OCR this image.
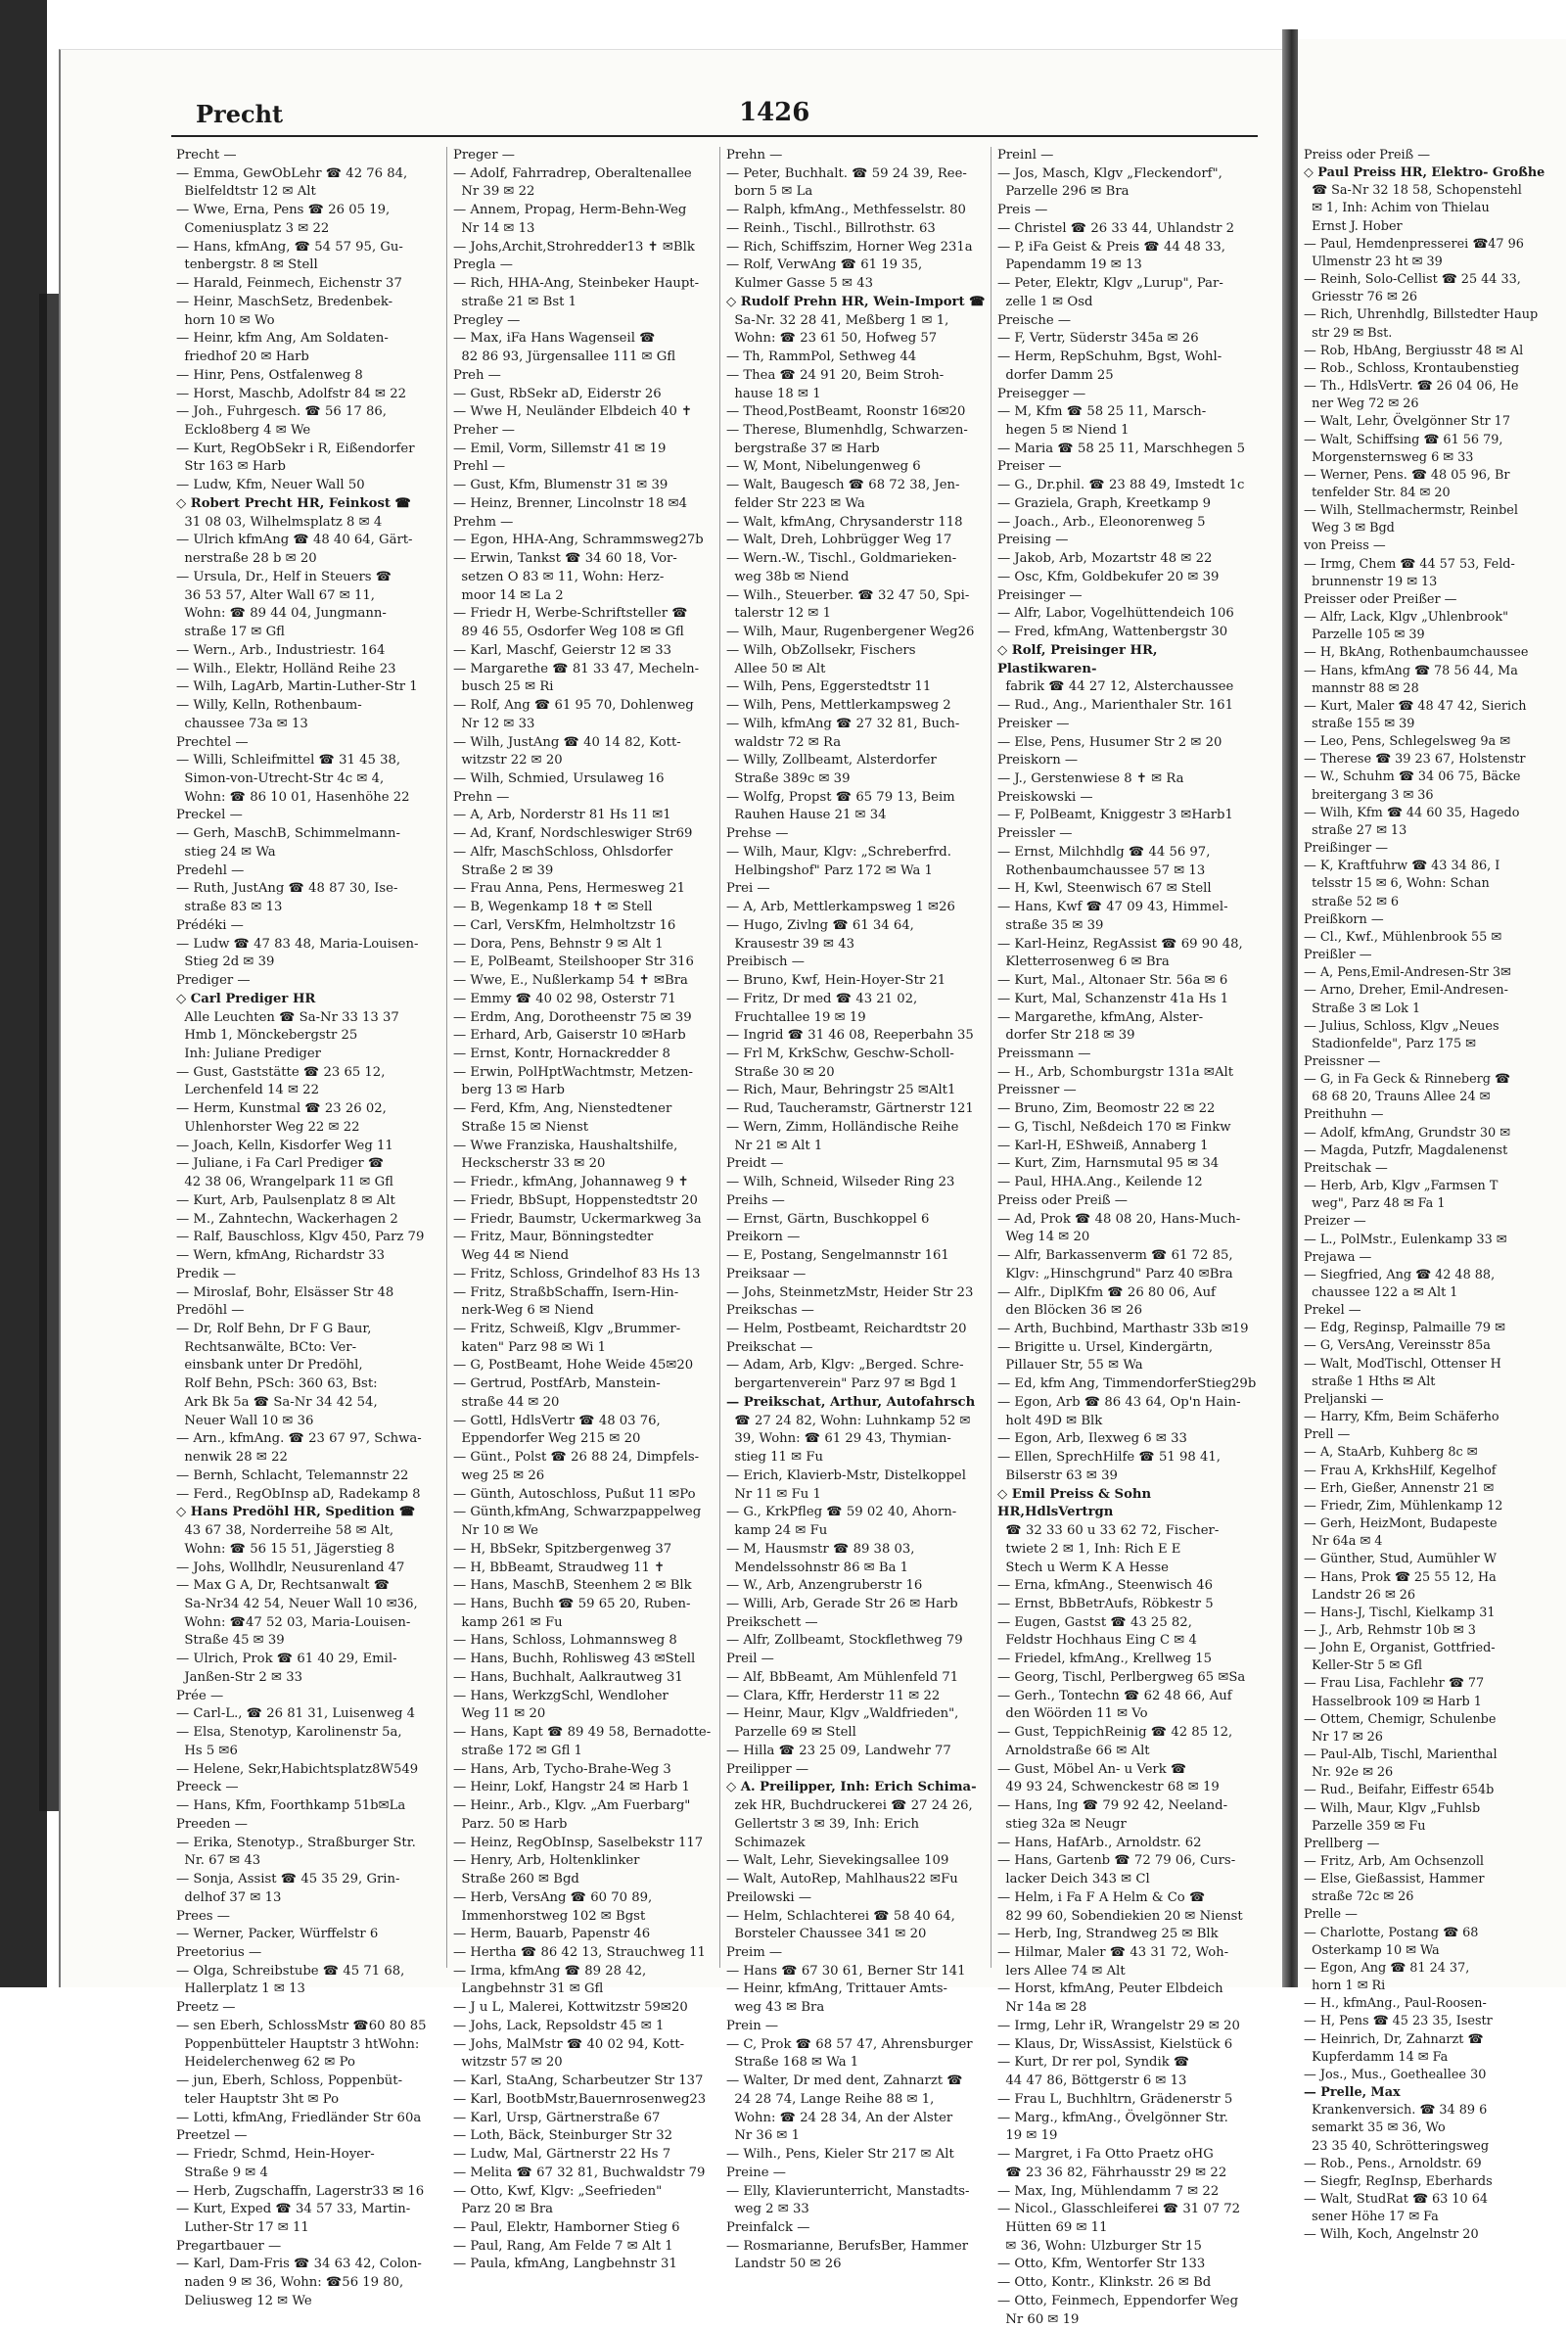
Precht	1426
Precht —
— Emma, GewObLehr ☎ 42 76 84,
Bielfeldtstr 12 ✉ Alt
— Wwe, Erna, Pens ☎ 26 05 19,
Comeniusplatz 3 ✉ 22
— Hans, kfmAng, ☎ 54 57 95, Gu-
tenbergstr. 8 ✉ Stell
— Harald, Feinmech, Eichenstr 37
— Heinr, MaschSetz, Bredenbek-
horn 10 ✉ Wo
— Heinr, kfm Ang, Am Soldaten-
friedhof 20 ✉ Harb
— Hinr, Pens, Ostfalenweg 8
— Horst, Maschb, Adolfstr 84 ✉ 22
— Joh., Fuhrgesch. ☎ 56 17 86,
Ecklo8berg 4 ✉ We
— Kurt, RegObSekr i R, Eißendorfer
Str 163 ✉ Harb
— Ludw, Kfm, Neuer Wall 50
◇ Robert Precht HR, Feinkost ☎
31 08 03, Wilhelmsplatz 8 ✉ 4
— Ulrich kfmAng ☎ 48 40 64, Gärt-
nerstraße 28 b ✉ 20
— Ursula, Dr., Helf in Steuers ☎
36 53 57, Alter Wall 67 ✉ 11,
Wohn: ☎ 89 44 04, Jungmann-
straße 17 ✉ Gfl
— Wern., Arb., Industriestr. 164
— Wilh., Elektr, Holländ Reihe 23
— Wilh, LagArb, Martin-Luther-Str 1
— Willy, Kelln, Rothenbaum-
chaussee 73a ✉ 13
Prechtel —
— Willi, Schleifmittel ☎ 31 45 38,
Simon-von-Utrecht-Str 4c ✉ 4,
Wohn: ☎ 86 10 01, Hasenhöhe 22
Preckel —
— Gerh, MaschB, Schimmelmann-
stieg 24 ✉ Wa
Predehl —
— Ruth, JustAng ☎ 48 87 30, Ise-
straße 83 ✉ 13
Prédéki —
— Ludw ☎ 47 83 48, Maria-Louisen-
Stieg 2d ✉ 39
Prediger —
◇ Carl Prediger HR
Alle Leuchten ☎ Sa-Nr 33 13 37
Hmb 1, Mönckebergstr 25
Inh: Juliane Prediger
— Gust, Gaststätte ☎ 23 65 12,
Lerchenfeld 14 ✉ 22
— Herm, Kunstmal ☎ 23 26 02,
Uhlenhorster Weg 22 ✉ 22
— Joach, Kelln, Kisdorfer Weg 11
— Juliane, i Fa Carl Prediger ☎
42 38 06, Wrangelpark 11 ✉ Gfl
— Kurt, Arb, Paulsenplatz 8 ✉ Alt
— M., Zahntechn, Wackerhagen 2
— Ralf, Bauschloss, Klgv 450, Parz 79
— Wern, kfmAng, Richardstr 33
Predik —
— Miroslaf, Bohr, Elsässer Str 48
Predöhl —
— Dr, Rolf Behn, Dr F G Baur,
Rechtsanwälte, BCto: Ver-
einsbank unter Dr Predöhl,
Rolf Behn, PSch: 360 63, Bst:
Ark Bk 5a ☎ Sa-Nr 34 42 54,
Neuer Wall 10 ✉ 36
— Arn., kfmAng. ☎ 23 67 97, Schwa-
nenwik 28 ✉ 22
— Bernh, Schlacht, Telemannstr 22
— Ferd., RegObInsp aD, Radekamp 8
◇ Hans Predöhl HR, Spedition ☎
43 67 38, Norderreihe 58 ✉ Alt,
Wohn: ☎ 56 15 51, Jägerstieg 8
— Johs, Wollhdlr, Neusurenland 47
— Max G A, Dr, Rechtsanwalt ☎
Sa-Nr34 42 54, Neuer Wall 10 ✉36,
Wohn: ☎47 52 03, Maria-Louisen-
Straße 45 ✉ 39
— Ulrich, Prok ☎ 61 40 29, Emil-
Janßen-Str 2 ✉ 33
Prée —
— Carl-L., ☎ 26 81 31, Luisenweg 4
— Elsa, Stenotyp, Karolinenstr 5a,
Hs 5 ✉6
— Helene, Sekr,Habichtsplatz8W549
Preeck —
— Hans, Kfm, Foorthkamp 51b✉La
Preeden —
— Erika, Stenotyp., Straßburger Str.
Nr. 67 ✉ 43
— Sonja, Assist ☎ 45 35 29, Grin-
delhof 37 ✉ 13
Prees —
— Werner, Packer, Würffelstr 6
Preetorius —
— Olga, Schreibstube ☎ 45 71 68,
Hallerplatz 1 ✉ 13
Preetz —
— sen Eberh, SchlossMstr ☎60 80 85
Poppenbütteler Hauptstr 3 htWohn:
Heidelerchenweg 62 ✉ Po
— jun, Eberh, Schloss, Poppenbüt-
teler Hauptstr 3ht ✉ Po
— Lotti, kfmAng, Friedländer Str 60a
Preetzel —
— Friedr, Schmd, Hein-Hoyer-
Straße 9 ✉ 4
— Herb, Zugschaffn, Lagerstr33 ✉ 16
— Kurt, Exped ☎ 34 57 33, Martin-
Luther-Str 17 ✉ 11
Pregartbauer —
— Karl, Dam-Fris ☎ 34 63 42, Colon-
naden 9 ✉ 36, Wohn: ☎56 19 80,
Deliusweg 12 ✉ We
Preger —
— Adolf, Fahrradrep, Oberaltenallee
Nr 39 ✉ 22
— Annem, Propag, Herm-Behn-Weg
Nr 14 ✉ 13
— Johs,Archit,Strohredder13 ✝ ✉Blk
Pregla —
— Rich, HHA-Ang, Steinbeker Haupt-
straße 21 ✉ Bst 1
Pregley —
— Max, iFa Hans Wagenseil ☎
82 86 93, Jürgensallee 111 ✉ Gfl
Preh —
— Gust, RbSekr aD, Eiderstr 26
— Wwe H, Neuländer Elbdeich 40 ✝
Preher —
— Emil, Vorm, Sillemstr 41 ✉ 19
Prehl —
— Gust, Kfm, Blumenstr 31 ✉ 39
— Heinz, Brenner, Lincolnstr 18 ✉4
Prehm —
— Egon, HHA-Ang, Schrammsweg27b
— Erwin, Tankst ☎ 34 60 18, Vor-
setzen O 83 ✉ 11, Wohn: Herz-
moor 14 ✉ La 2
— Friedr H, Werbe-Schriftsteller ☎
89 46 55, Osdorfer Weg 108 ✉ Gfl
— Karl, Maschf, Geierstr 12 ✉ 33
— Margarethe ☎ 81 33 47, Mecheln-
busch 25 ✉ Ri
— Rolf, Ang ☎ 61 95 70, Dohlenweg
Nr 12 ✉ 33
— Wilh, JustAng ☎ 40 14 82, Kott-
witzstr 22 ✉ 20
— Wilh, Schmied, Ursulaweg 16
Prehn —
— A, Arb, Norderstr 81 Hs 11 ✉1
— Ad, Kranf, Nordschleswiger Str69
— Alfr, MaschSchloss, Ohlsdorfer
Straße 2 ✉ 39
— Frau Anna, Pens, Hermesweg 21
— B, Wegenkamp 18 ✝ ✉ Stell
— Carl, VersKfm, Helmholtzstr 16
— Dora, Pens, Behnstr 9 ✉ Alt 1
— E, PolBeamt, Steilshooper Str 316
— Wwe, E., Nußlerkamp 54 ✝ ✉Bra
— Emmy ☎ 40 02 98, Osterstr 71
— Erdm, Ang, Dorotheenstr 75 ✉ 39
— Erhard, Arb, Gaiserstr 10 ✉Harb
— Ernst, Kontr, Hornackredder 8
— Erwin, PolHptWachtmstr, Metzen-
berg 13 ✉ Harb
— Ferd, Kfm, Ang, Nienstedtener
Straße 15 ✉ Nienst
— Wwe Franziska, Haushaltshilfe,
Heckscherstr 33 ✉ 20
— Friedr., kfmAng, Johannaweg 9 ✝
— Friedr, BbSupt, Hoppenstedtstr 20
— Friedr, Baumstr, Uckermarkweg 3a
— Fritz, Maur, Bönningstedter
Weg 44 ✉ Niend
— Fritz, Schloss, Grindelhof 83 Hs 13
— Fritz, StraßbSchaffn, Isern-Hin-
nerk-Weg 6 ✉ Niend
— Fritz, Schweiß, Klgv „Brummer-
katen" Parz 98 ✉ Wi 1
— G, PostBeamt, Hohe Weide 45✉20
— Gertrud, PostfArb, Manstein-
straße 44 ✉ 20
— Gottl, HdlsVertr ☎ 48 03 76,
Eppendorfer Weg 215 ✉ 20
— Günt., Polst ☎ 26 88 24, Dimpfels-
weg 25 ✉ 26
— Günth, Autoschloss, Pußut 11 ✉Po
— Günth,kfmAng, Schwarzpappelweg
Nr 10 ✉ We
— H, BbSekr, Spitzbergenweg 37
— H, BbBeamt, Straudweg 11 ✝
— Hans, MaschB, Steenhem 2 ✉ Blk
— Hans, Buchh ☎ 59 65 20, Ruben-
kamp 261 ✉ Fu
— Hans, Schloss, Lohmannsweg 8
— Hans, Buchh, Rohlisweg 43 ✉Stell
— Hans, Buchhalt, Aalkrautweg 31
— Hans, WerkzgSchl, Wendloher
Weg 11 ✉ 20
— Hans, Kapt ☎ 89 49 58, Bernadotte-
straße 172 ✉ Gfl 1
— Hans, Arb, Tycho-Brahe-Weg 3
— Heinr, Lokf, Hangstr 24 ✉ Harb 1
— Heinr., Arb., Klgv. „Am Fuerbarg"
Parz. 50 ✉ Harb
— Heinz, RegObInsp, Saselbekstr 117
— Henry, Arb, Holtenklinker
Straße 260 ✉ Bgd
— Herb, VersAng ☎ 60 70 89,
Immenhorstweg 102 ✉ Bgst
— Herm, Bauarb, Papenstr 46
— Hertha ☎ 86 42 13, Strauchweg 11
— Irma, kfmAng ☎ 89 28 42,
Langbehnstr 31 ✉ Gfl
— J u L, Malerei, Kottwitzstr 59✉20
— Johs, Lack, Repsoldstr 45 ✉ 1
— Johs, MalMstr ☎ 40 02 94, Kott-
witzstr 57 ✉ 20
— Karl, StaAng, Scharbeutzer Str 137
— Karl, BootbMstr,Bauernrosenweg23
— Karl, Ursp, Gärtnerstraße 67
— Loth, Bäck, Steinburger Str 32
— Ludw, Mal, Gärtnerstr 22 Hs 7
— Melita ☎ 67 32 81, Buchwaldstr 79
— Otto, Kwf, Klgv: „Seefrieden"
Parz 20 ✉ Bra
— Paul, Elektr, Hamborner Stieg 6
— Paul, Rang, Am Felde 7 ✉ Alt 1
— Paula, kfmAng, Langbehnstr 31
Prehn —
— Peter, Buchhalt. ☎ 59 24 39, Ree-
born 5 ✉ La
— Ralph, kfmAng., Methfesselstr. 80
— Reinh., Tischl., Billrothstr. 63
— Rich, Schiffszim, Horner Weg 231a
— Rolf, VerwAng ☎ 61 19 35,
Kulmer Gasse 5 ✉ 43
◇ Rudolf Prehn HR, Wein-Import ☎
Sa-Nr. 32 28 41, Meßberg 1 ✉ 1,
Wohn: ☎ 23 61 50, Hofweg 57
— Th, RammPol, Sethweg 44
— Thea ☎ 24 91 20, Beim Stroh-
hause 18 ✉ 1
— Theod,PostBeamt, Roonstr 16✉20
— Therese, Blumenhdlg, Schwarzen-
bergstraße 37 ✉ Harb
— W, Mont, Nibelungenweg 6
— Walt, Baugesch ☎ 68 72 38, Jen-
felder Str 223 ✉ Wa
— Walt, kfmAng, Chrysanderstr 118
— Walt, Dreh, Lohbrügger Weg 17
— Wern.-W., Tischl., Goldmarieken-
weg 38b ✉ Niend
— Wilh., Steuerber. ☎ 32 47 50, Spi-
talerstr 12 ✉ 1
— Wilh, Maur, Rugenbergener Weg26
— Wilh, ObZollsekr, Fischers
Allee 50 ✉ Alt
— Wilh, Pens, Eggerstedtstr 11
— Wilh, Pens, Mettlerkampsweg 2
— Wilh, kfmAng ☎ 27 32 81, Buch-
waldstr 72 ✉ Ra
— Willy, Zollbeamt, Alsterdorfer
Straße 389c ✉ 39
— Wolfg, Propst ☎ 65 79 13, Beim
Rauhen Hause 21 ✉ 34
Prehse —
— Wilh, Maur, Klgv: „Schreberfrd.
Helbingshof" Parz 172 ✉ Wa 1
Prei —
— A, Arb, Mettlerkampsweg 1 ✉26
— Hugo, Zivlng ☎ 61 34 64,
Krausestr 39 ✉ 43
Preibisch —
— Bruno, Kwf, Hein-Hoyer-Str 21
— Fritz, Dr med ☎ 43 21 02,
Fruchtallee 19 ✉ 19
— Ingrid ☎ 31 46 08, Reeperbahn 35
— Frl M, KrkSchw, Geschw-Scholl-
Straße 30 ✉ 20
— Rich, Maur, Behringstr 25 ✉Alt1
— Rud, Taucheramstr, Gärtnerstr 121
— Wern, Zimm, Holländische Reihe
Nr 21 ✉ Alt 1
Preidt —
— Wilh, Schneid, Wilseder Ring 23
Preihs —
— Ernst, Gärtn, Buschkoppel 6
Preikorn —
— E, Postang, Sengelmannstr 161
Preiksaar —
— Johs, SteinmetzMstr, Heider Str 23
Preikschas —
— Helm, Postbeamt, Reichardtstr 20
Preikschat —
— Adam, Arb, Klgv: „Berged. Schre-
bergartenverein" Parz 97 ✉ Bgd 1
— Preikschat, Arthur, Autofahrsch
☎ 27 24 82, Wohn: Luhnkamp 52 ✉
39, Wohn: ☎ 61 29 43, Thymian-
stieg 11 ✉ Fu
— Erich, Klavierb-Mstr, Distelkoppel
Nr 11 ✉ Fu 1
— G., KrkPfleg ☎ 59 02 40, Ahorn-
kamp 24 ✉ Fu
— M, Hausmstr ☎ 89 38 03,
Mendelssohnstr 86 ✉ Ba 1
— W., Arb, Anzengruberstr 16
— Willi, Arb, Gerade Str 26 ✉ Harb
Preikschett —
— Alfr, Zollbeamt, Stockflethweg 79
Preil —
— Alf, BbBeamt, Am Mühlenfeld 71
— Clara, Kffr, Herderstr 11 ✉ 22
— Heinr, Maur, Klgv „Waldfrieden",
Parzelle 69 ✉ Stell
— Hilla ☎ 23 25 09, Landwehr 77
Preilipper —
◇ A. Preilipper, Inh: Erich Schima-
zek HR, Buchdruckerei ☎ 27 24 26,
Gellertstr 3 ✉ 39, Inh: Erich
Schimazek
— Walt, Lehr, Sievekingsallee 109
— Walt, AutoRep, Mahlhaus22 ✉Fu
Preilowski —
— Helm, Schlachterei ☎ 58 40 64,
Borsteler Chaussee 341 ✉ 20
Preim —
— Hans ☎ 67 30 61, Berner Str 141
— Heinr, kfmAng, Trittauer Amts-
weg 43 ✉ Bra
Prein —
— C, Prok ☎ 68 57 47, Ahrensburger
Straße 168 ✉ Wa 1
— Walter, Dr med dent, Zahnarzt ☎
24 28 74, Lange Reihe 88 ✉ 1,
Wohn: ☎ 24 28 34, An der Alster
Nr 36 ✉ 1
— Wilh., Pens, Kieler Str 217 ✉ Alt
Preine —
— Elly, Klavierunterricht, Manstadts-
weg 2 ✉ 33
Preinfalck —
— Rosmarianne, BerufsBer, Hammer
Landstr 50 ✉ 26
Preinl —
— Jos, Masch, Klgv „Fleckendorf",
Parzelle 296 ✉ Bra
Preis —
— Christel ☎ 26 33 44, Uhlandstr 2
— P, iFa Geist & Preis ☎ 44 48 33,
Papendamm 19 ✉ 13
— Peter, Elektr, Klgv „Lurup", Par-
zelle 1 ✉ Osd
Preische —
— F, Vertr, Süderstr 345a ✉ 26
— Herm, RepSchuhm, Bgst, Wohl-
dorfer Damm 25
Preisegger —
— M, Kfm ☎ 58 25 11, Marsch-
hegen 5 ✉ Niend 1
— Maria ☎ 58 25 11, Marschhegen 5
Preiser —
— G., Dr.phil. ☎ 23 88 49, Imstedt 1c
— Graziela, Graph, Kreetkamp 9
— Joach., Arb., Eleonorenweg 5
Preising —
— Jakob, Arb, Mozartstr 48 ✉ 22
— Osc, Kfm, Goldbekufer 20 ✉ 39
Preisinger —
— Alfr, Labor, Vogelhüttendeich 106
— Fred, kfmAng, Wattenbergstr 30
◇ Rolf, Preisinger HR, Plastikwaren-
fabrik ☎ 44 27 12, Alsterchaussee
— Rud., Ang., Marienthaler Str. 161
Preisker —
— Else, Pens, Husumer Str 2 ✉ 20
Preiskorn —
— J., Gerstenwiese 8 ✝ ✉ Ra
Preiskowski —
— F, PolBeamt, Kniggestr 3 ✉Harb1
Preissler —
— Ernst, Milchhdlg ☎ 44 56 97,
Rothenbaumchaussee 57 ✉ 13
— H, Kwl, Steenwisch 67 ✉ Stell
— Hans, Kwf ☎ 47 09 43, Himmel-
straße 35 ✉ 39
— Karl-Heinz, RegAssist ☎ 69 90 48,
Kletterrosenweg 6 ✉ Bra
— Kurt, Mal., Altonaer Str. 56a ✉ 6
— Kurt, Mal, Schanzenstr 41a Hs 1
— Margarethe, kfmAng, Alster-
dorfer Str 218 ✉ 39
Preissmann —
— H., Arb, Schomburgstr 131a ✉Alt
Preissner —
— Bruno, Zim, Beomostr 22 ✉ 22
— G, Tischl, Neßdeich 170 ✉ Finkw
— Karl-H, EShweiß, Annaberg 1
— Kurt, Zim, Harnsmutal 95 ✉ 34
— Paul, HHA.Ang., Keilende 12
Preiss oder Preiß —
— Ad, Prok ☎ 48 08 20, Hans-Much-
Weg 14 ✉ 20
— Alfr, Barkassenverm ☎ 61 72 85,
Klgv: „Hinschgrund" Parz 40 ✉Bra
— Alfr., DiplKfm ☎ 26 80 06, Auf
den Blöcken 36 ✉ 26
— Arth, Buchbind, Marthastr 33b ✉19
— Brigitte u. Ursel, Kindergärtn,
Pillauer Str, 55 ✉ Wa
— Ed, kfm Ang, TimmendorferStieg29b
— Egon, Arb ☎ 86 43 64, Op'n Hain-
holt 49D ✉ Blk
— Egon, Arb, Ilexweg 6 ✉ 33
— Ellen, SprechHilfe ☎ 51 98 41,
Bilserstr 63 ✉ 39
◇ Emil Preiss & Sohn HR,HdlsVertrgn
☎ 32 33 60 u 33 62 72, Fischer-
twiete 2 ✉ 1, Inh: Rich E E
Stech u Werm K A Hesse
— Erna, kfmAng., Steenwisch 46
— Ernst, BbBetrAufs, Röbkestr 5
— Eugen, Gastst ☎ 43 25 82,
Feldstr Hochhaus Eing C ✉ 4
— Friedel, kfmAng., Krellweg 15
— Georg, Tischl, Perlbergweg 65 ✉Sa
— Gerh., Tontechn ☎ 62 48 66, Auf
den Wöörden 11 ✉ Vo
— Gust, TeppichReinig ☎ 42 85 12,
Arnoldstraße 66 ✉ Alt
— Gust, Möbel An- u Verk ☎
49 93 24, Schwenckestr 68 ✉ 19
— Hans, Ing ☎ 79 92 42, Neeland-
stieg 32a ✉ Neugr
— Hans, HafArb., Arnoldstr. 62
— Hans, Gartenb ☎ 72 79 06, Curs-
lacker Deich 343 ✉ Cl
— Helm, i Fa F A Helm & Co ☎
82 99 60, Sobendiekien 20 ✉ Nienst
— Herb, Ing, Strandweg 25 ✉ Blk
— Hilmar, Maler ☎ 43 31 72, Woh-
lers Allee 74 ✉ Alt
— Horst, kfmAng, Peuter Elbdeich
Nr 14a ✉ 28
— Irmg, Lehr iR, Wrangelstr 29 ✉ 20
— Klaus, Dr, WissAssist, Kielstück 6
— Kurt, Dr rer pol, Syndik ☎
44 47 86, Böttgerstr 6 ✉ 13
— Frau L, Buchhltrn, Grädenerstr 5
— Marg., kfmAng., Övelgönner Str.
19 ✉ 19
— Margret, i Fa Otto Praetz oHG
☎ 23 36 82, Fährhausstr 29 ✉ 22
— Max, Ing, Mühlendamm 7 ✉ 22
— Nicol., Glasschleiferei ☎ 31 07 72
Hütten 69 ✉ 11
✉ 36, Wohn: Ulzburger Str 15
— Otto, Kfm, Wentorfer Str 133
— Otto, Kontr., Klinkstr. 26 ✉ Bd
— Otto, Feinmech, Eppendorfer Weg
Nr 60 ✉ 19
Preiss oder Preiß —
◇ Paul Preiss HR, Elektro- Großhe
☎ Sa-Nr 32 18 58, Schopenstehl
✉ 1, Inh: Achim von Thielau
Ernst J. Hober
— Paul, Hemdenpresserei ☎47 96
Ulmenstr 23 ht ✉ 39
— Reinh, Solo-Cellist ☎ 25 44 33,
Griesstr 76 ✉ 26
— Rich, Uhrenhdlg, Billstedter Haup
str 29 ✉ Bst.
— Rob, HbAng, Bergiusstr 48 ✉ Al
— Rob., Schloss, Krontaubenstieg
— Th., HdlsVertr. ☎ 26 04 06, He
ner Weg 72 ✉ 26
— Walt, Lehr, Övelgönner Str 17
— Walt, Schiffsing ☎ 61 56 79,
Morgensternsweg 6 ✉ 33
— Werner, Pens. ☎ 48 05 96, Br
tenfelder Str. 84 ✉ 20
— Wilh, Stellmachermstr, Reinbel
Weg 3 ✉ Bgd
von Preiss —
— Irmg, Chem ☎ 44 57 53, Feld-
brunnenstr 19 ✉ 13
Preisser oder Preißer —
— Alfr, Lack, Klgv „Uhlenbrook"
Parzelle 105 ✉ 39
— H, BkAng, Rothenbaumchaussee
— Hans, kfmAng ☎ 78 56 44, Ma
mannstr 88 ✉ 28
— Kurt, Maler ☎ 48 47 42, Sierich
straße 155 ✉ 39
— Leo, Pens, Schlegelsweg 9a ✉
— Therese ☎ 39 23 67, Holstenstr
— W., Schuhm ☎ 34 06 75, Bäcke
breitergang 3 ✉ 36
— Wilh, Kfm ☎ 44 60 35, Hagedo
straße 27 ✉ 13
Preißinger —
— K, Kraftfuhrw ☎ 43 34 86, I
telsstr 15 ✉ 6, Wohn: Schan
straße 52 ✉ 6
Preißkorn —
— Cl., Kwf., Mühlenbrook 55 ✉
Preißler —
— A, Pens,Emil-Andresen-Str 3✉
— Arno, Dreher, Emil-Andresen-
Straße 3 ✉ Lok 1
— Julius, Schloss, Klgv „Neues
Stadionfelde", Parz 175 ✉
Preissner —
— G, in Fa Geck & Rinneberg ☎
68 68 20, Trauns Allee 24 ✉
Preithuhn —
— Adolf, kfmAng, Grundstr 30 ✉
— Magda, Putzfr, Magdalenenst
Preitschak —
— Herb, Arb, Klgv „Farmsen T
weg", Parz 48 ✉ Fa 1
Preizer —
— L., PolMstr., Eulenkamp 33 ✉
Prejawa —
— Siegfried, Ang ☎ 42 48 88,
chaussee 122 a ✉ Alt 1
Prekel —
— Edg, Reginsp, Palmaille 79 ✉
— G, VersAng, Vereinsstr 85a
— Walt, ModTischl, Ottenser H
straße 1 Hths ✉ Alt
Preljanski —
— Harry, Kfm, Beim Schäferho
Prell —
— A, StaArb, Kuhberg 8c ✉
— Frau A, KrkhsHilf, Kegelhof
— Erh, Gießer, Annenstr 21 ✉
— Friedr, Zim, Mühlenkamp 12
— Gerh, HeizMont, Budapeste
Nr 64a ✉ 4
— Günther, Stud, Aumühler W
— Hans, Prok ☎ 25 55 12, Ha
Landstr 26 ✉ 26
— Hans-J, Tischl, Kielkamp 31
— J., Arb, Rehmstr 10b ✉ 3
— John E, Organist, Gottfried-
Keller-Str 5 ✉ Gfl
— Frau Lisa, Fachlehr ☎ 77
Hasselbrook 109 ✉ Harb 1
— Ottem, Chemigr, Schulenbe
Nr 17 ✉ 26
— Paul-Alb, Tischl, Marienthal
Nr. 92e ✉ 26
— Rud., Beifahr, Eiffestr 654b
— Wilh, Maur, Klgv „Fuhlsb
Parzelle 359 ✉ Fu
Prellberg —
— Fritz, Arb, Am Ochsenzoll
— Else, Gießassist, Hammer
straße 72c ✉ 26
Prelle —
— Charlotte, Postang ☎ 68
Osterkamp 10 ✉ Wa
— Egon, Ang ☎ 81 24 37,
horn 1 ✉ Ri
— H., kfmAng., Paul-Roosen-
— H, Pens ☎ 45 23 35, Isestr
— Heinrich, Dr, Zahnarzt ☎
Kupferdamm 14 ✉ Fa
— Jos., Mus., Goetheallee 30
— Prelle, Max
Krankenversich. ☎ 34 89 6
semarkt 35 ✉ 36, Wo
23 35 40, Schrötteringsweg
— Rob., Pens., Arnoldstr. 69
— Siegfr, RegInsp, Eberhards
— Walt, StudRat ☎ 63 10 64
sener Höhe 17 ✉ Fa
— Wilh, Koch, Angelnstr 20
